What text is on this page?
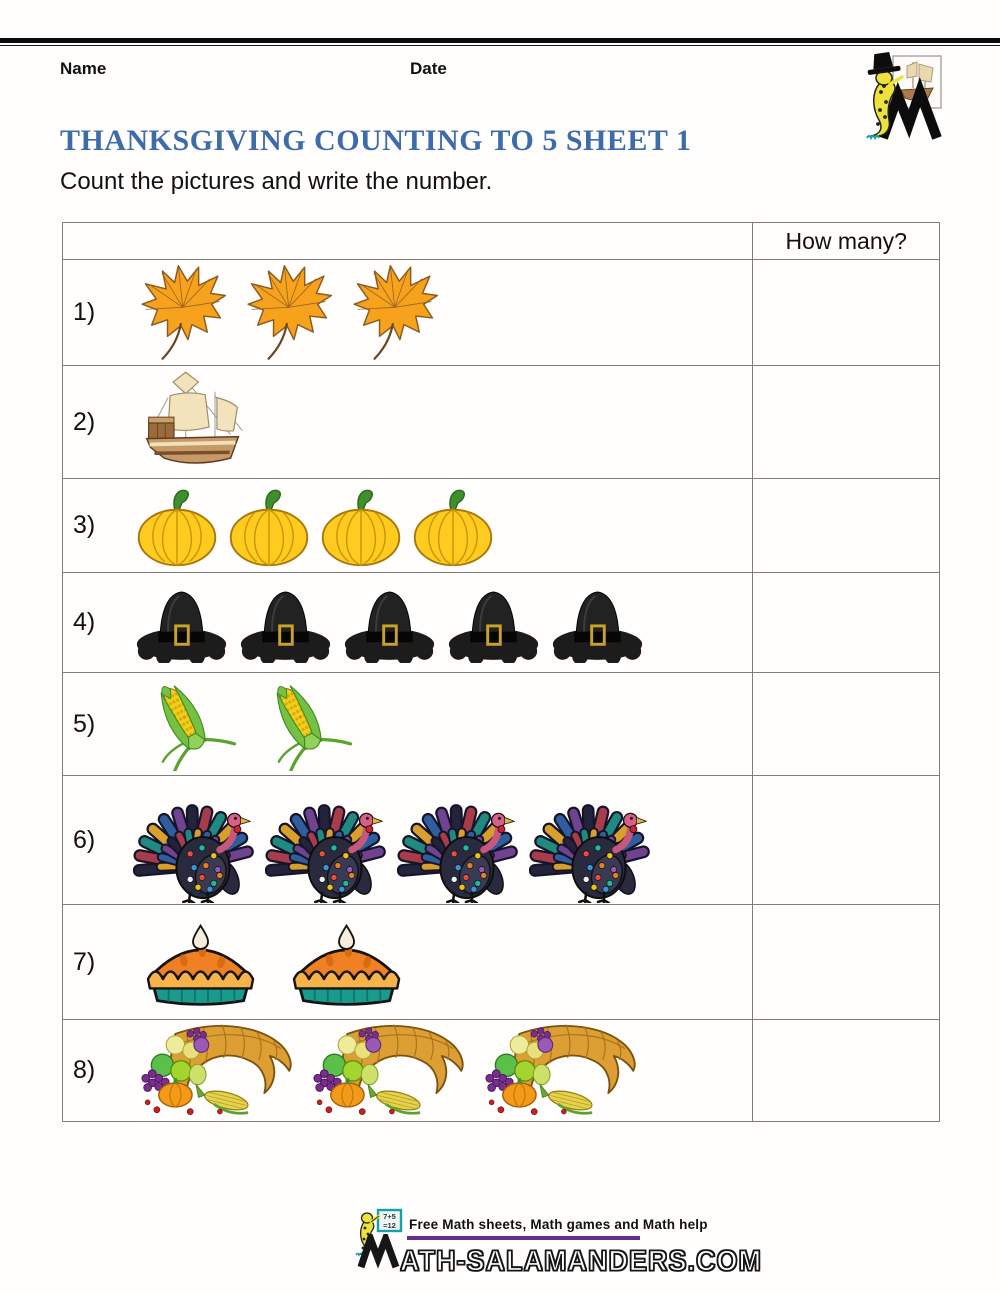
Name	Date
THANKSGIVING COUNTING TO 5 SHEET 1
Count the pictures and write the number.
How many?
1)
2)
3)
4)
5)
6)
7)
8)
7+5
=12 Free Math sheets, Math games and Math help
ATH-SALAMANDERS.COM
